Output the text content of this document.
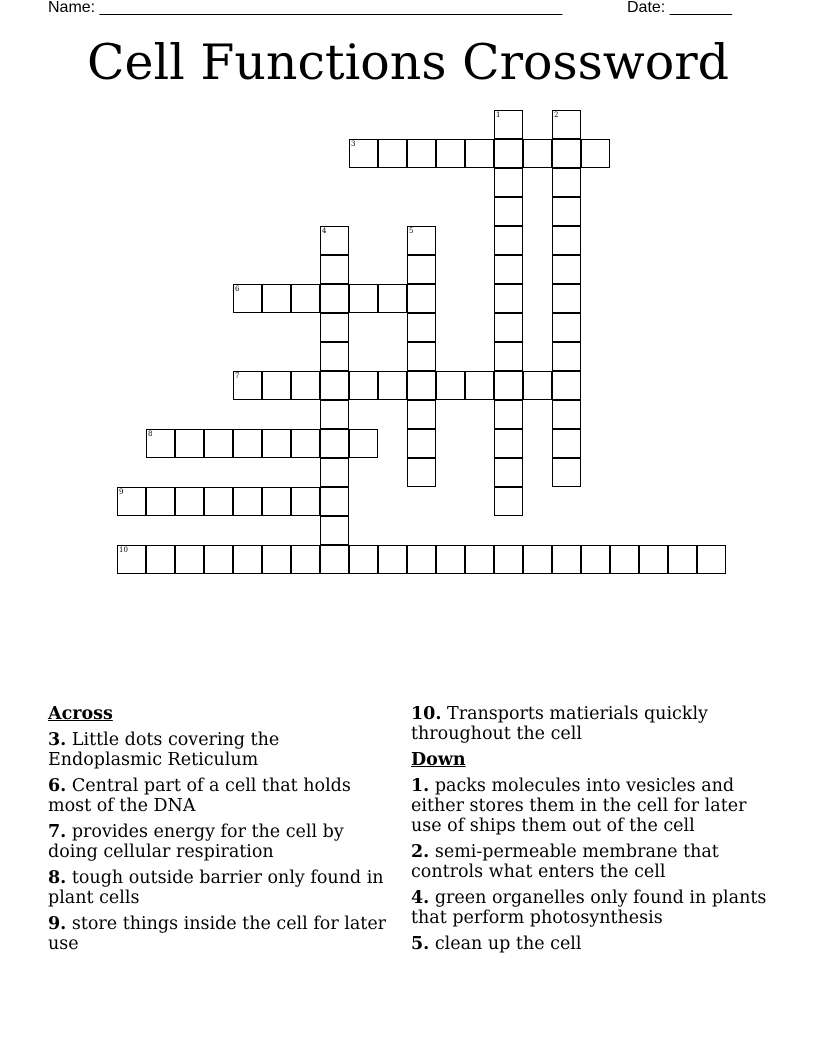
Name: ____________________________________________________	Date: _______
Cell Functions Crossword
1	2
3
4	5
6
7
8
9
10
Across
3. Little dots covering the Endoplasmic Reticulum
6. Central part of a cell that holds most of the DNA
7. provides energy for the cell by doing cellular respiration
8. tough outside barrier only found in plant cells
9. store things inside the cell for later use
10. Transports matierials quickly throughout the cell
Down
1. packs molecules into vesicles and either stores them in the cell for later use of ships them out of the cell
2. semi-permeable membrane that controls what enters the cell
4. green organelles only found in plants that perform photosynthesis
5. clean up the cell
